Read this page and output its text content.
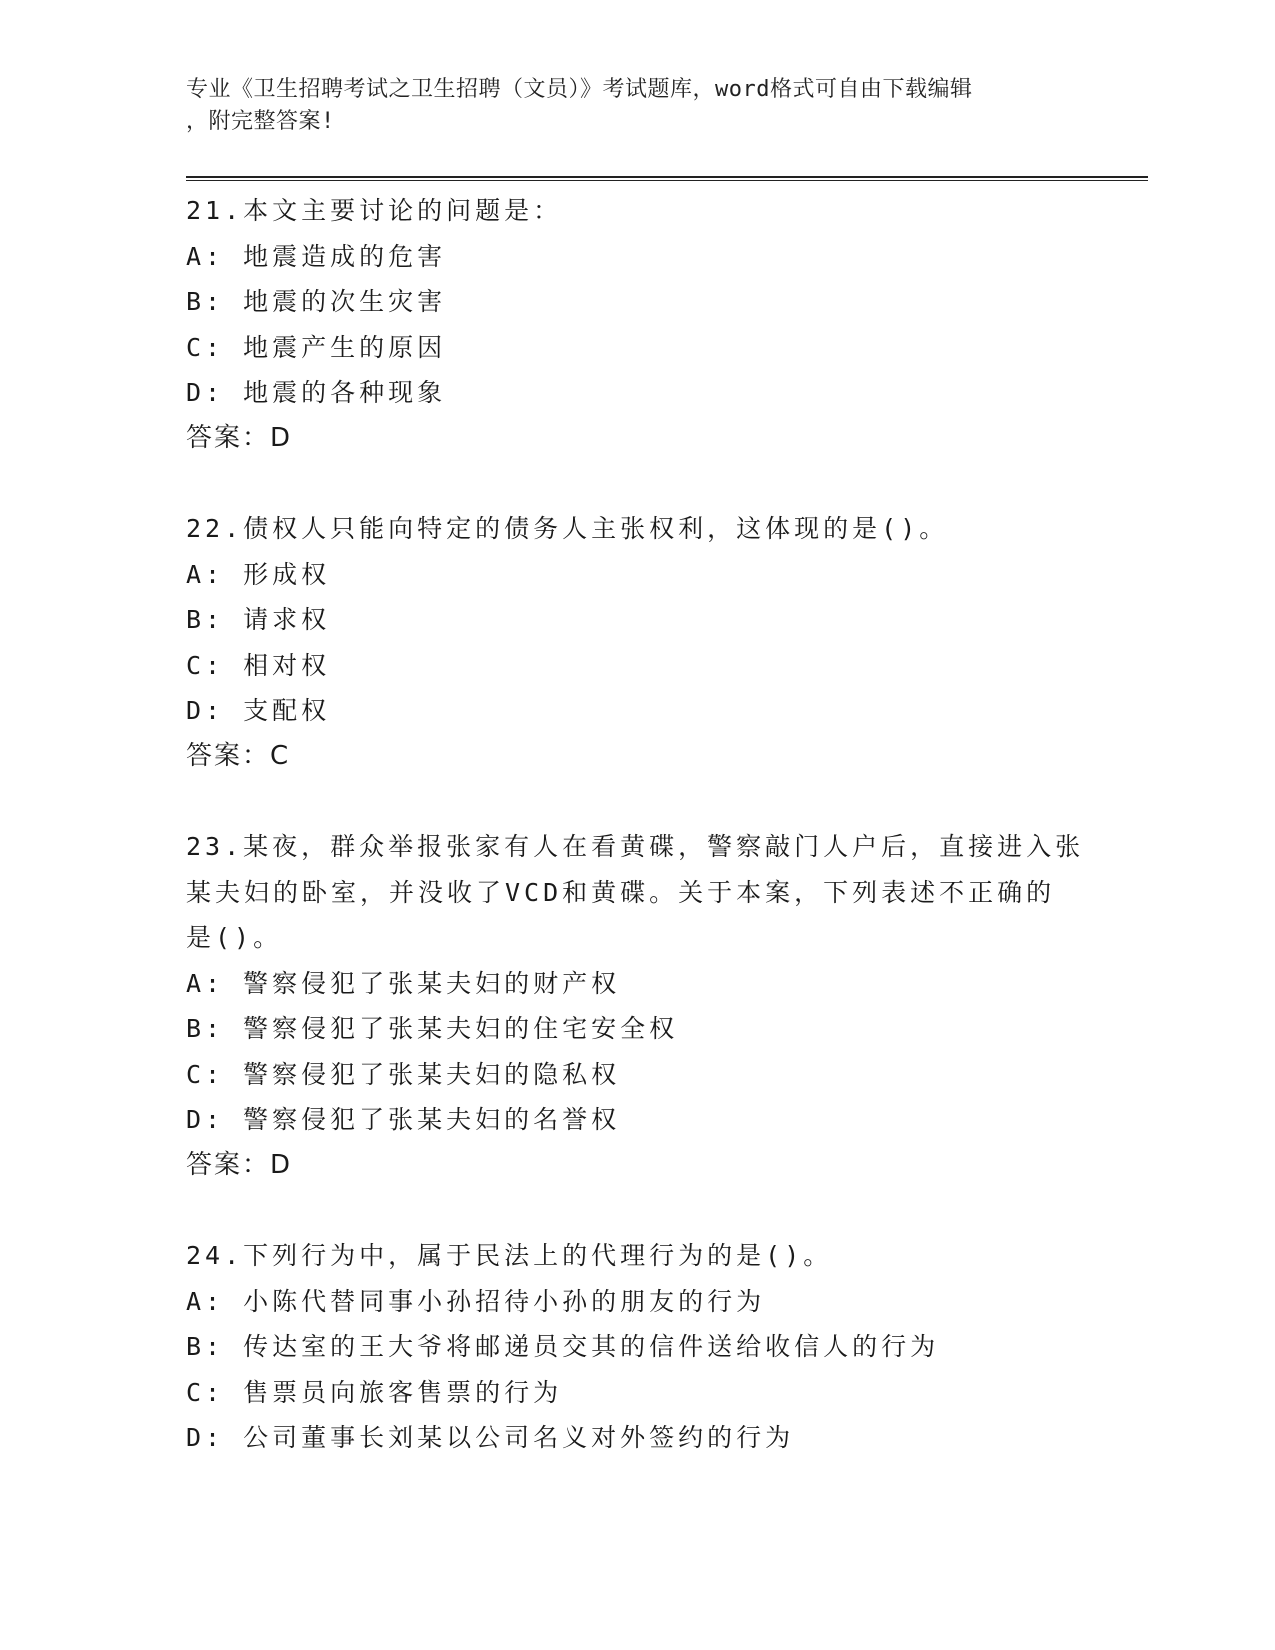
专业《卫生招聘考试之卫生招聘（文员）》考试题库，word格式可自由下载编辑

，附完整答案!

21.本文主要讨论的问题是：

A: 地震造成的危害

B: 地震的次生灾害

C: 地震产生的原因

D: 地震的各种现象

答案：D

22.债权人只能向特定的债务人主张权利，这体现的是()。

A: 形成权

B: 请求权

C: 相对权

D: 支配权

答案：C

23.某夜，群众举报张家有人在看黄碟，警察敲门人户后，直接进入张

某夫妇的卧室，并没收了VCD和黄碟。关于本案，下列表述不正确的

是()。

A: 警察侵犯了张某夫妇的财产权

B: 警察侵犯了张某夫妇的住宅安全权

C: 警察侵犯了张某夫妇的隐私权

D: 警察侵犯了张某夫妇的名誉权

答案：D

24.下列行为中，属于民法上的代理行为的是()。

A: 小陈代替同事小孙招待小孙的朋友的行为

B: 传达室的王大爷将邮递员交其的信件送给收信人的行为

C: 售票员向旅客售票的行为

D: 公司董事长刘某以公司名义对外签约的行为
